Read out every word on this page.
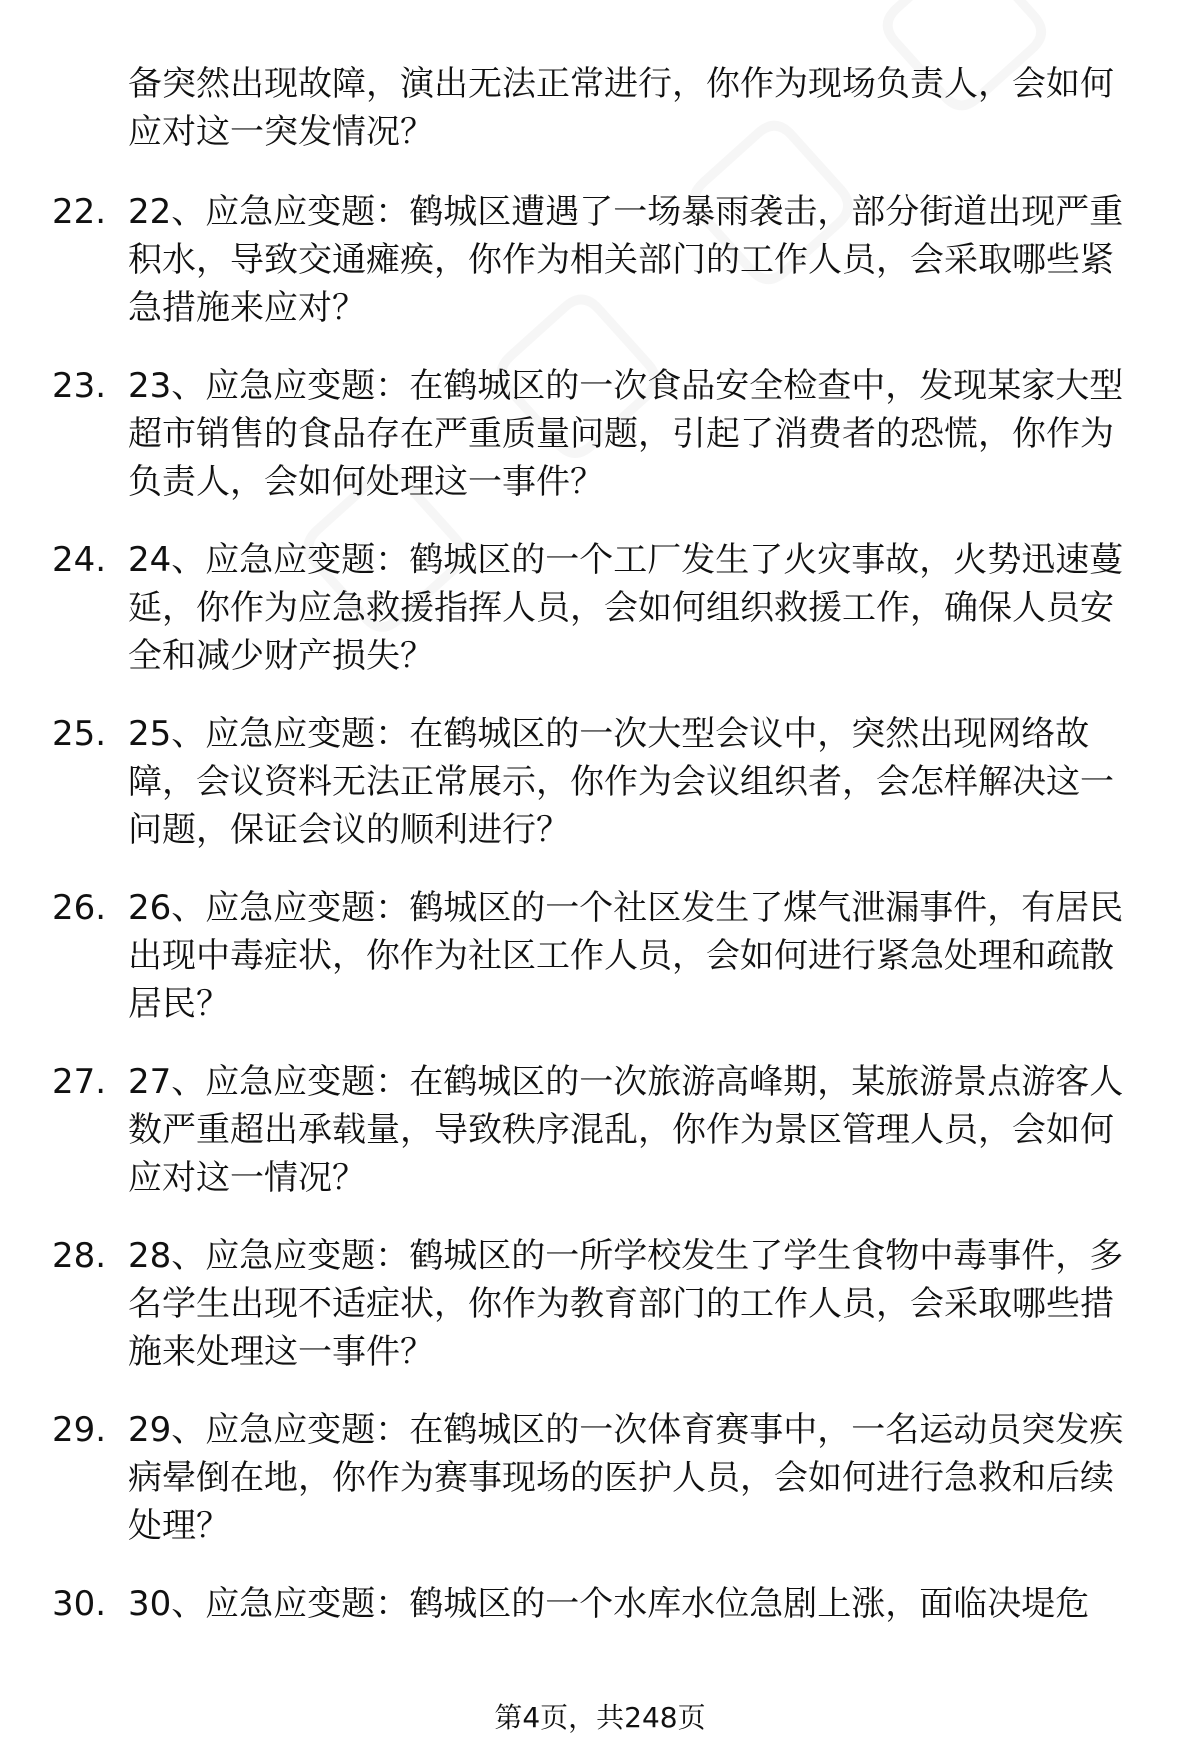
备突然出现故障，演出无法正常进行，你作为现场负责人，会如何应对这一突发情况？
22. 22、应急应变题：鹤城区遭遇了一场暴雨袭击，部分街道出现严重积水，导致交通瘫痪，你作为相关部门的工作人员，会采取哪些紧急措施来应对？
23. 23、应急应变题：在鹤城区的一次食品安全检查中，发现某家大型超市销售的食品存在严重质量问题，引起了消费者的恐慌，你作为负责人，会如何处理这一事件？
24. 24、应急应变题：鹤城区的一个工厂发生了火灾事故，火势迅速蔓延，你作为应急救援指挥人员，会如何组织救援工作，确保人员安全和减少财产损失？
25. 25、应急应变题：在鹤城区的一次大型会议中，突然出现网络故障，会议资料无法正常展示，你作为会议组织者，会怎样解决这一问题，保证会议的顺利进行？
26. 26、应急应变题：鹤城区的一个社区发生了煤气泄漏事件，有居民出现中毒症状，你作为社区工作人员，会如何进行紧急处理和疏散居民？
27. 27、应急应变题：在鹤城区的一次旅游高峰期，某旅游景点游客人数严重超出承载量，导致秩序混乱，你作为景区管理人员，会如何应对这一情况？
28. 28、应急应变题：鹤城区的一所学校发生了学生食物中毒事件，多名学生出现不适症状，你作为教育部门的工作人员，会采取哪些措施来处理这一事件？
29. 29、应急应变题：在鹤城区的一次体育赛事中，一名运动员突发疾病晕倒在地，你作为赛事现场的医护人员，会如何进行急救和后续处理？
30. 30、应急应变题：鹤城区的一个水库水位急剧上涨，面临决堤危
第4页，共248页
